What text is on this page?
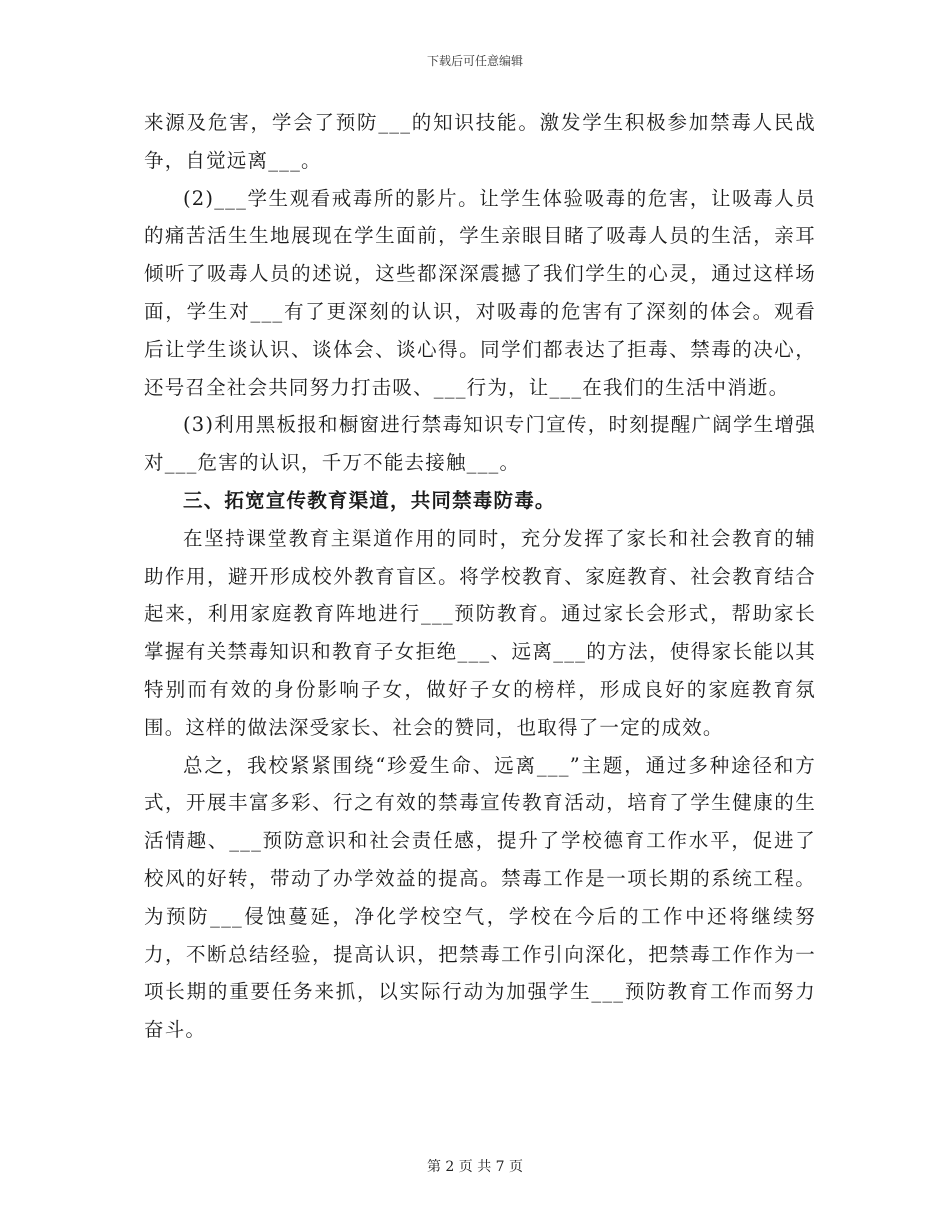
下载后可任意编辑

来源及危害，学会了预防___的知识技能。激发学生积极参加禁毒人民战争，自觉远离___。

(2)___学生观看戒毒所的影片。让学生体验吸毒的危害，让吸毒人员的痛苦活生生地展现在学生面前，学生亲眼目睹了吸毒人员的生活，亲耳倾听了吸毒人员的述说，这些都深深震撼了我们学生的心灵，通过这样场面，学生对___有了更深刻的认识，对吸毒的危害有了深刻的体会。观看后让学生谈认识、谈体会、谈心得。同学们都表达了拒毒、禁毒的决心，还号召全社会共同努力打击吸、___行为，让___在我们的生活中消逝。

(3)利用黑板报和橱窗进行禁毒知识专门宣传，时刻提醒广阔学生增强对___危害的认识，千万不能去接触___。

三、拓宽宣传教育渠道，共同禁毒防毒。

在坚持课堂教育主渠道作用的同时，充分发挥了家长和社会教育的辅助作用，避开形成校外教育盲区。将学校教育、家庭教育、社会教育结合起来，利用家庭教育阵地进行___预防教育。通过家长会形式，帮助家长掌握有关禁毒知识和教育子女拒绝___、远离___的方法，使得家长能以其特别而有效的身份影响子女，做好子女的榜样，形成良好的家庭教育氛围。这样的做法深受家长、社会的赞同，也取得了一定的成效。

总之，我校紧紧围绕“珍爱生命、远离___”主题，通过多种途径和方式，开展丰富多彩、行之有效的禁毒宣传教育活动，培育了学生健康的生活情趣、___预防意识和社会责任感，提升了学校德育工作水平，促进了校风的好转，带动了办学效益的提高。禁毒工作是一项长期的系统工程。为预防___侵蚀蔓延，净化学校空气，学校在今后的工作中还将继续努力，不断总结经验，提高认识，把禁毒工作引向深化，把禁毒工作作为一项长期的重要任务来抓，以实际行动为加强学生___预防教育工作而努力奋斗。

第 2 页 共 7 页
